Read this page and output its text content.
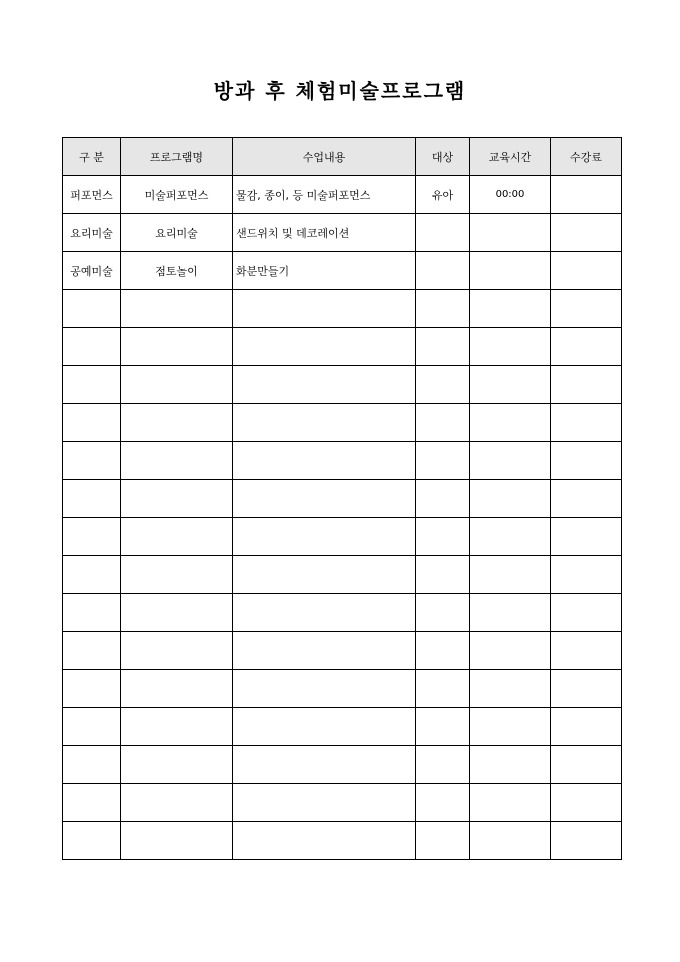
방과 후 체험미술프로그램
구 분	프로그램명	수업내용	대상	교육시간	수강료
퍼포먼스	미술퍼포먼스	물감, 종이, 등 미술퍼포먼스	유아	00:00	
요리미술	요리미술	샌드위치 및 데코레이션			
공예미술	점토놀이	화분만들기			
